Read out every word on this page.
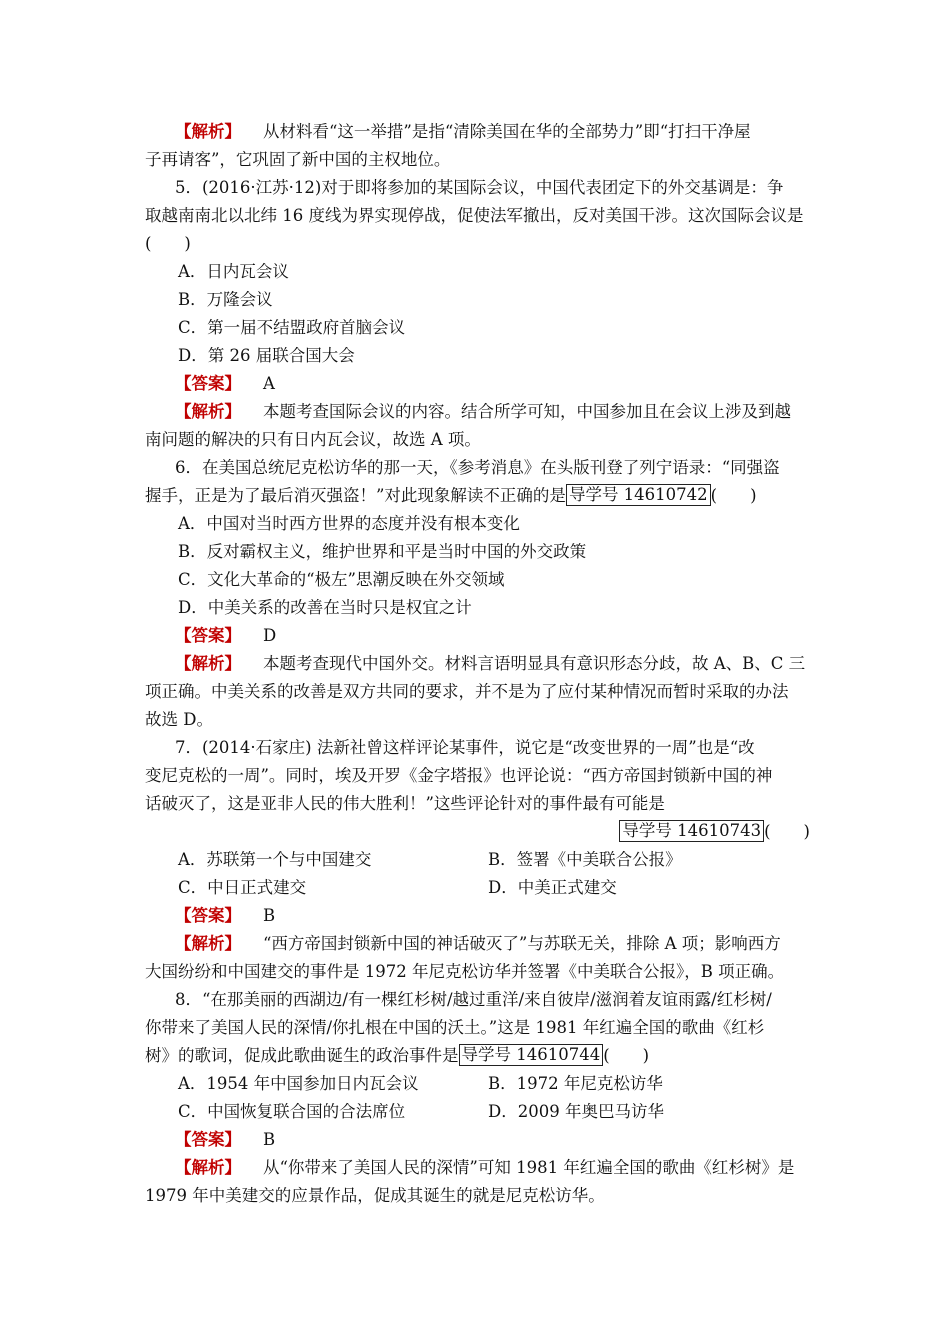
【解析】 从材料看“这一举措”是指“清除美国在华的全部势力”即“打扫干净屋
子再请客”，它巩固了新中国的主权地位。
5．(2016·江苏·12)对于即将参加的某国际会议，中国代表团定下的外交基调是：争
取越南南北以北纬 16 度线为界实现停战，促使法军撤出，反对美国干涉。这次国际会议是
(　　)
A．日内瓦会议
B．万隆会议
C．第一届不结盟政府首脑会议
D．第 26 届联合国大会
【答案】 A
【解析】 本题考查国际会议的内容。结合所学可知，中国参加且在会议上涉及到越
南问题的解决的只有日内瓦会议，故选 A 项。
6．在美国总统尼克松访华的那一天，《参考消息》在头版刊登了列宁语录：“同强盗
握手，正是为了最后消灭强盗！”对此现象解读不正确的是 导学号 14610742 (　　)
A．中国对当时西方世界的态度并没有根本变化
B．反对霸权主义，维护世界和平是当时中国的外交政策
C．文化大革命的“极左”思潮反映在外交领域
D．中美关系的改善在当时只是权宜之计
【答案】 D
【解析】 本题考查现代中国外交。材料言语明显具有意识形态分歧，故 A、B、C 三
项正确。中美关系的改善是双方共同的要求，并不是为了应付某种情况而暂时采取的办法
故选 D。
7．(2014·石家庄) 法新社曾这样评论某事件，说它是“改变世界的一周”也是“改
变尼克松的一周”。同时，埃及开罗《金字塔报》也评论说：“西方帝国封锁新中国的神
话破灭了，这是亚非人民的伟大胜利！”这些评论针对的事件最有可能是
导学号 14610743 (　　)
A．苏联第一个与中国建交	B．签署《中美联合公报》
C．中日正式建交	D．中美正式建交
【答案】 B
【解析】 “西方帝国封锁新中国的神话破灭了”与苏联无关，排除 A 项；影响西方
大国纷纷和中国建交的事件是 1972 年尼克松访华并签署《中美联合公报》，B 项正确。
8．“在那美丽的西湖边/有一棵红杉树/越过重洋/来自彼岸/滋润着友谊雨露/红杉树/
你带来了美国人民的深情/你扎根在中国的沃土。”这是 1981 年红遍全国的歌曲《红杉
树》的歌词，促成此歌曲诞生的政治事件是 导学号 14610744 (　　)
A．1954 年中国参加日内瓦会议	B．1972 年尼克松访华
C．中国恢复联合国的合法席位	D．2009 年奥巴马访华
【答案】 B
【解析】 从“你带来了美国人民的深情”可知 1981 年红遍全国的歌曲《红杉树》是
1979 年中美建交的应景作品，促成其诞生的就是尼克松访华。
